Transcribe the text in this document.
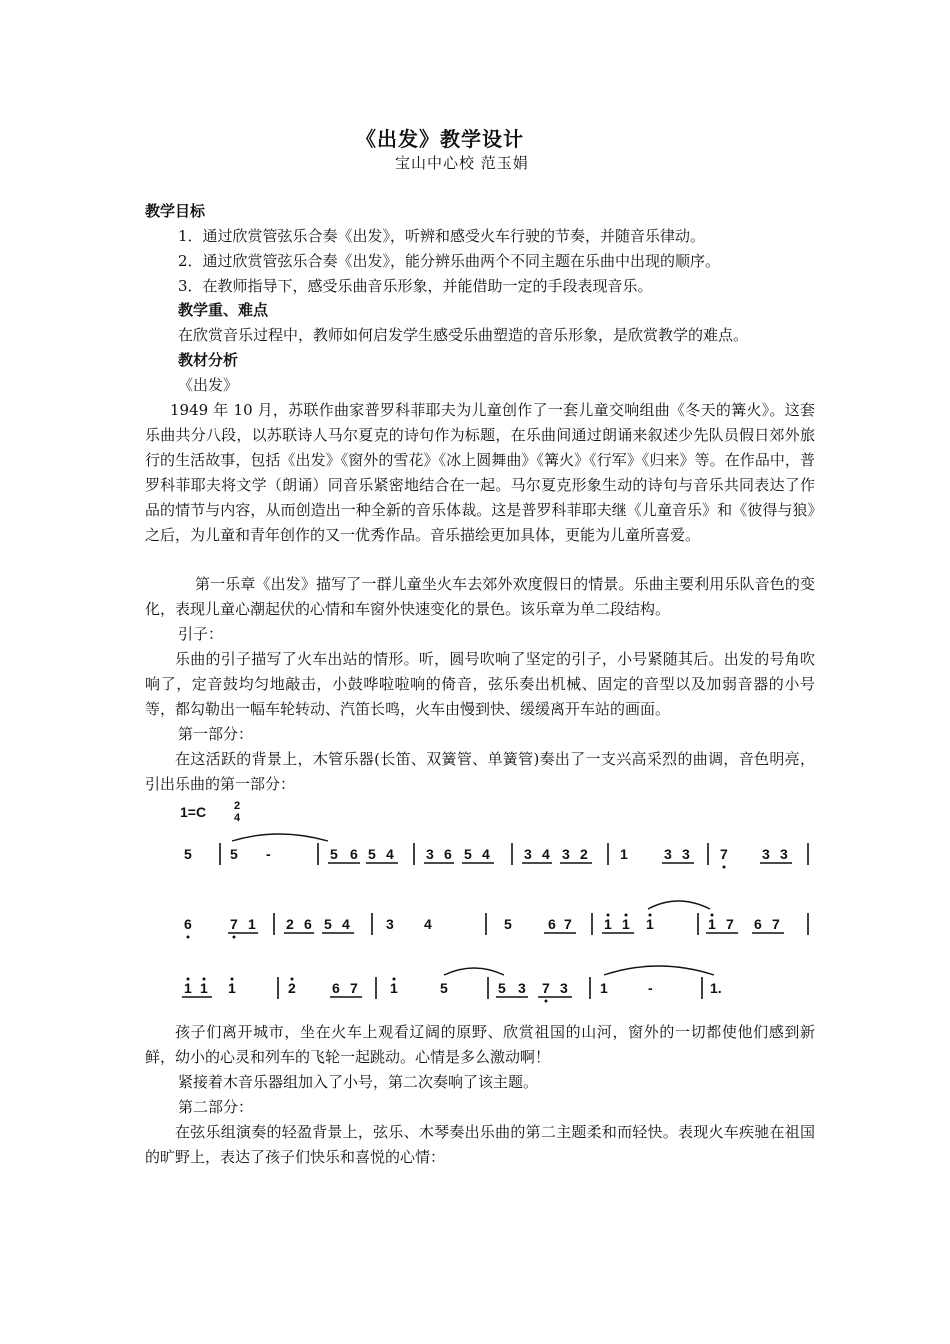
《出发》教学设计
宝山中心校 范玉娟
教学目标
1．通过欣赏管弦乐合奏《出发》，听辨和感受火车行驶的节奏，并随音乐律动。
2．通过欣赏管弦乐合奏《出发》，能分辨乐曲两个不同主题在乐曲中出现的顺序。
3．在教师指导下，感受乐曲音乐形象，并能借助一定的手段表现音乐。
教学重、难点
在欣赏音乐过程中，教师如何启发学生感受乐曲塑造的音乐形象，是欣赏教学的难点。
教材分析
《出发》

1949 年 10 月，苏联作曲家普罗科菲耶夫为儿童创作了一套儿童交响组曲《冬天的篝火》。这套乐曲共分八段，以苏联诗人马尔夏克的诗句作为标题，在乐曲间通过朗诵来叙述少先队员假日郊外旅行的生活故事，包括《出发》《窗外的雪花》《冰上圆舞曲》《篝火》《行军》《归来》等。在作品中，普罗科菲耶夫将文学（朗诵）同音乐紧密地结合在一起。马尔夏克形象生动的诗句与音乐共同表达了作品的情节与内容，从而创造出一种全新的音乐体裁。这是普罗科菲耶夫继《儿童音乐》和《彼得与狼》之后，为儿童和青年创作的又一优秀作品。音乐描绘更加具体，更能为儿童所喜爱。

第一乐章《出发》描写了一群儿童坐火车去郊外欢度假日的情景。乐曲主要利用乐队音色的变化，表现儿童心潮起伏的心情和车窗外快速变化的景色。该乐章为单二段结构。

引子：

乐曲的引子描写了火车出站的情形。听，圆号吹响了坚定的引子，小号紧随其后。出发的号角吹响了，定音鼓均匀地敲击，小鼓哗啦啦响的倚音，弦乐奏出机械、固定的音型以及加弱音器的小号等，都勾勒出一幅车轮转动、汽笛长鸣，火车由慢到快、缓缓离开车站的画面。

第一部分：

在这活跃的背景上，木管乐器(长笛、双簧管、单簧管)奏出了一支兴高采烈的曲调，音色明亮，引出乐曲的第一部分：

1=C	2
4
5	5 -	5 6 5 4 3 6 5 4 3 4 3 2 1	3 3 7 3 3
6	7 1 2 6 5 4	3 4	5	6 7 1 1 1	1 7 6 7
1 1 1	2	6 7 1	5	5 3 7 3 1	-	1.

孩子们离开城市，坐在火车上观看辽阔的原野、欣赏祖国的山河，窗外的一切都使他们感到新鲜，幼小的心灵和列车的飞轮一起跳动。心情是多么激动啊！

紧接着木音乐器组加入了小号，第二次奏响了该主题。
第二部分：

在弦乐组演奏的轻盈背景上，弦乐、木琴奏出乐曲的第二主题柔和而轻快。表现火车疾驰在祖国的旷野上，表达了孩子们快乐和喜悦的心情：
